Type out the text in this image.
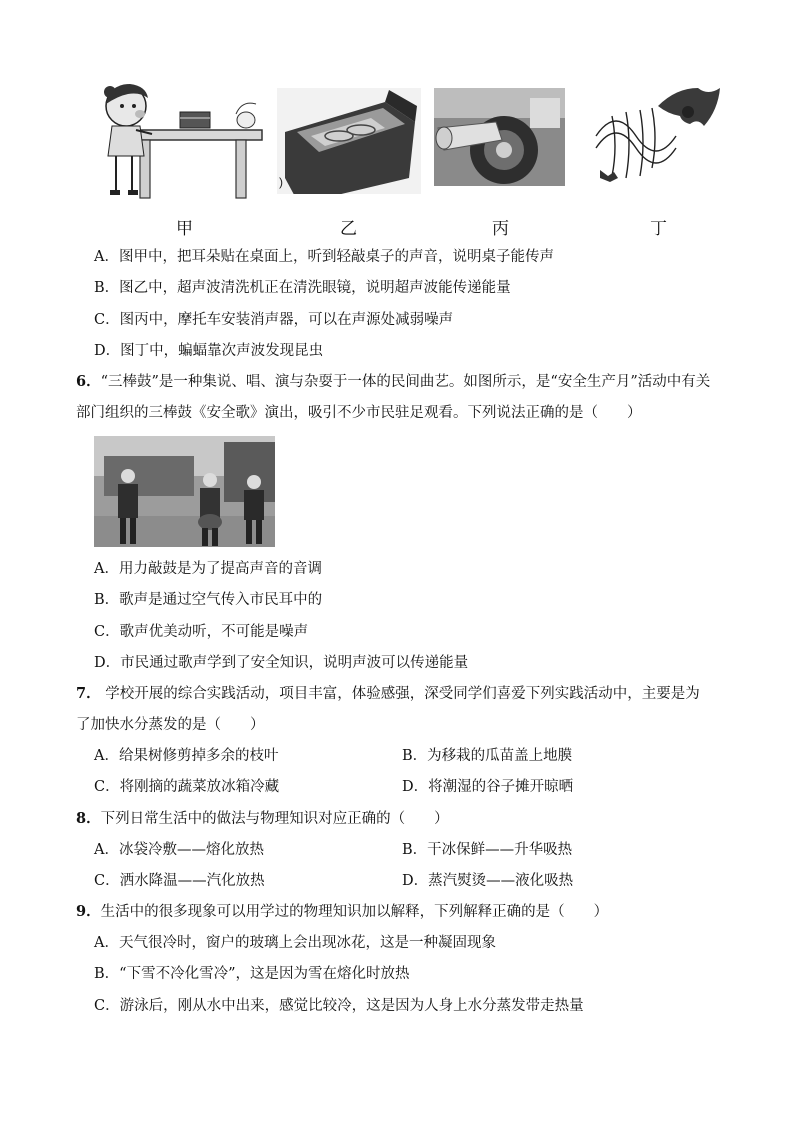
)
甲	乙	丙	丁
A．图甲中，把耳朵贴在桌面上，听到轻敲桌子的声音，说明桌子能传声
B．图乙中，超声波清洗机正在清洗眼镜，说明超声波能传递能量
C．图丙中，摩托车安装消声器，可以在声源处减弱噪声
D．图丁中，蝙蝠靠次声波发现昆虫
6．“三棒鼓”是一种集说、唱、演与杂耍于一体的民间曲艺。如图所示，是“安全生产月”活动中有关
部门组织的三棒鼓《安全歌》演出，吸引不少市民驻足观看。下列说法正确的是（　　）
A．用力敲鼓是为了提高声音的音调
B．歌声是通过空气传入市民耳中的
C．歌声优美动听，不可能是噪声
D．市民通过歌声学到了安全知识，说明声波可以传递能量
7． 学校开展的综合实践活动，项目丰富，体验感强，深受同学们喜爱下列实践活动中，主要是为
了加快水分蒸发的是（　　）
A．给果树修剪掉多余的枝叶	B．为移栽的瓜苗盖上地膜
C．将刚摘的蔬菜放冰箱冷藏	D．将潮湿的谷子摊开晾晒
8．下列日常生活中的做法与物理知识对应正确的（　　）
A．冰袋冷敷——熔化放热	B．干冰保鲜——升华吸热
C．洒水降温——汽化放热	D．蒸汽熨烫——液化吸热
9．生活中的很多现象可以用学过的物理知识加以解释，下列解释正确的是（　　）
A．天气很冷时，窗户的玻璃上会出现冰花，这是一种凝固现象
B．“下雪不冷化雪冷”，这是因为雪在熔化时放热
C．游泳后，刚从水中出来，感觉比较冷，这是因为人身上水分蒸发带走热量
